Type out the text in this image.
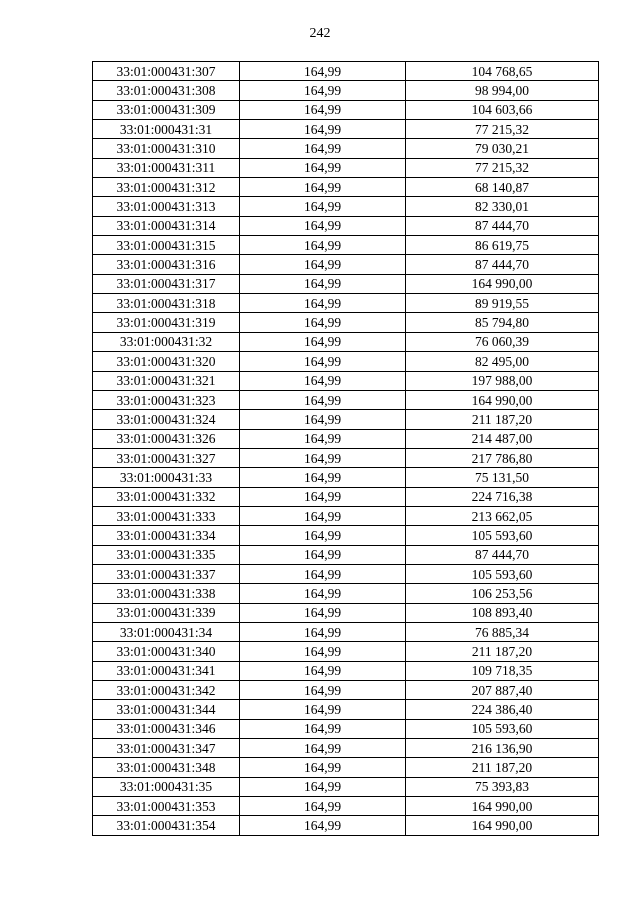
242
33:01:000431:307	164,99	104 768,65
33:01:000431:308	164,99	98 994,00
33:01:000431:309	164,99	104 603,66
33:01:000431:31	164,99	77 215,32
33:01:000431:310	164,99	79 030,21
33:01:000431:311	164,99	77 215,32
33:01:000431:312	164,99	68 140,87
33:01:000431:313	164,99	82 330,01
33:01:000431:314	164,99	87 444,70
33:01:000431:315	164,99	86 619,75
33:01:000431:316	164,99	87 444,70
33:01:000431:317	164,99	164 990,00
33:01:000431:318	164,99	89 919,55
33:01:000431:319	164,99	85 794,80
33:01:000431:32	164,99	76 060,39
33:01:000431:320	164,99	82 495,00
33:01:000431:321	164,99	197 988,00
33:01:000431:323	164,99	164 990,00
33:01:000431:324	164,99	211 187,20
33:01:000431:326	164,99	214 487,00
33:01:000431:327	164,99	217 786,80
33:01:000431:33	164,99	75 131,50
33:01:000431:332	164,99	224 716,38
33:01:000431:333	164,99	213 662,05
33:01:000431:334	164,99	105 593,60
33:01:000431:335	164,99	87 444,70
33:01:000431:337	164,99	105 593,60
33:01:000431:338	164,99	106 253,56
33:01:000431:339	164,99	108 893,40
33:01:000431:34	164,99	76 885,34
33:01:000431:340	164,99	211 187,20
33:01:000431:341	164,99	109 718,35
33:01:000431:342	164,99	207 887,40
33:01:000431:344	164,99	224 386,40
33:01:000431:346	164,99	105 593,60
33:01:000431:347	164,99	216 136,90
33:01:000431:348	164,99	211 187,20
33:01:000431:35	164,99	75 393,83
33:01:000431:353	164,99	164 990,00
33:01:000431:354	164,99	164 990,00
